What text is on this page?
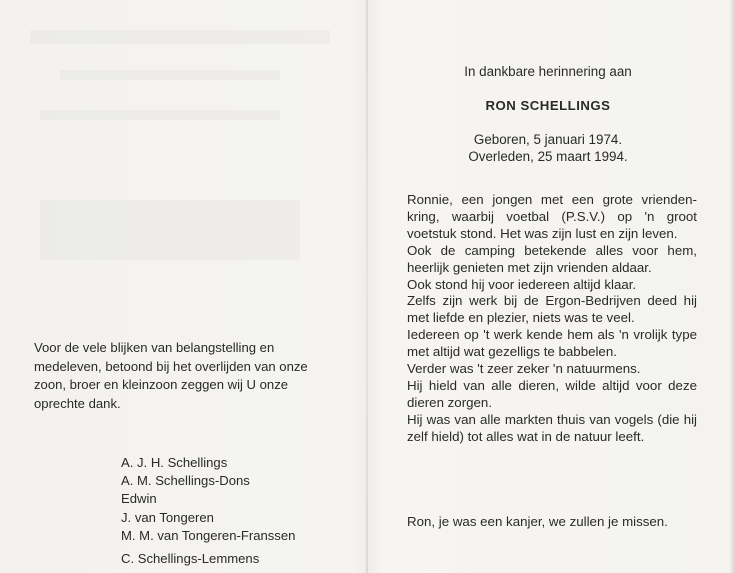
Voor de vele blijken van belangstelling en medeleven, betoond bij het overlijden van onze zoon, broer en kleinzoon zeggen wij U onze oprechte dank.

A. J. H. Schellings
A. M. Schellings-Dons
Edwin
J. van Tongeren
M. M. van Tongeren-Franssen
C. Schellings-Lemmens
In dankbare herinnering aan
RON SCHELLINGS
Geboren, 5 januari 1974.
Overleden, 25 maart 1994.
Ronnie, een jongen met een grote vrienden-kring, waarbij voetbal (P.S.V.) op 'n groot voetstuk stond. Het was zijn lust en zijn leven.
Ook de camping betekende alles voor hem, heerlijk genieten met zijn vrienden aldaar.
Ook stond hij voor iedereen altijd klaar.
Zelfs zijn werk bij de Ergon-Bedrijven deed hij met liefde en plezier, niets was te veel.
Iedereen op 't werk kende hem als 'n vrolijk type met altijd wat gezelligs te babbelen.
Verder was 't zeer zeker 'n natuurmens.
Hij hield van alle dieren, wilde altijd voor deze dieren zorgen.
Hij was van alle markten thuis van vogels (die hij zelf hield) tot alles wat in de natuur leeft.
Ron, je was een kanjer, we zullen je missen.
